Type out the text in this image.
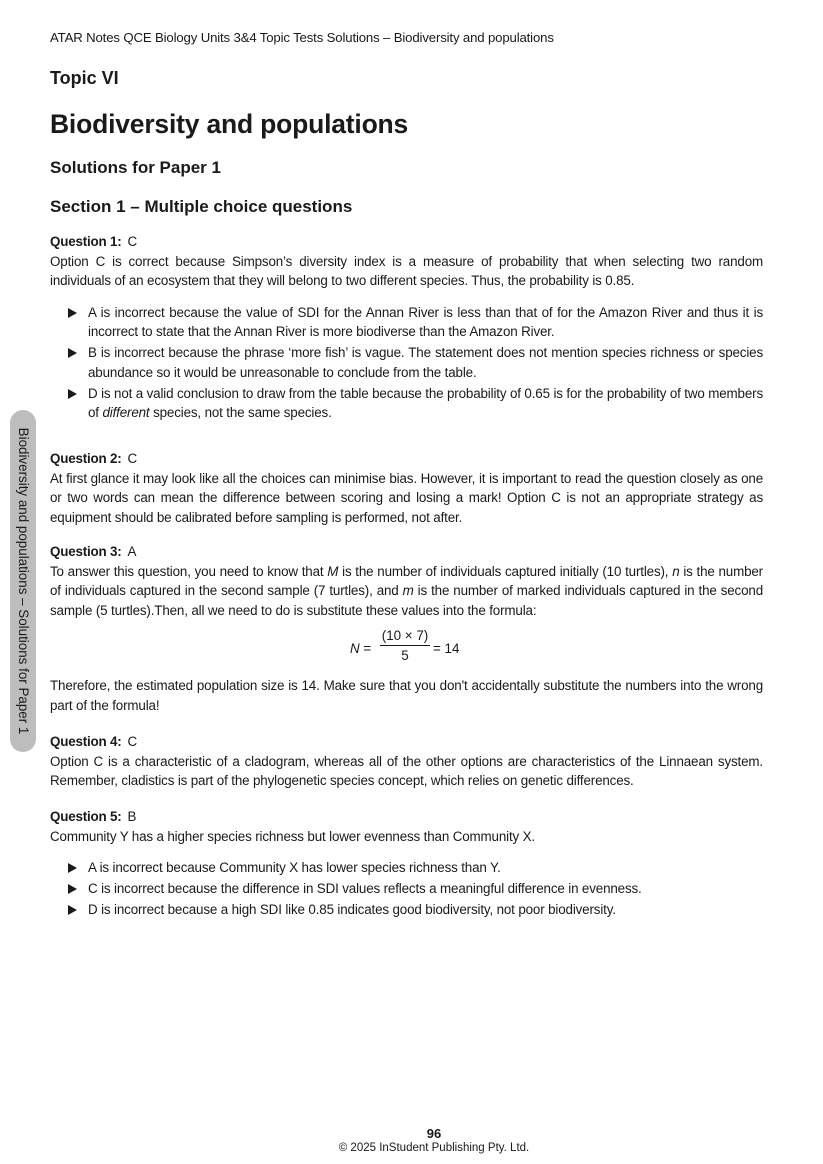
ATAR Notes QCE Biology Units 3&4 Topic Tests Solutions – Biodiversity and populations
Topic VI
Biodiversity and populations
Solutions for Paper 1
Section 1 – Multiple choice questions
Question 1: C
Option C is correct because Simpson’s diversity index is a measure of probability that when selecting two random individuals of an ecosystem that they will belong to two different species. Thus, the probability is 0.85.
A is incorrect because the value of SDI for the Annan River is less than that of for the Amazon River and thus it is incorrect to state that the Annan River is more biodiverse than the Amazon River.
B is incorrect because the phrase ‘more fish’ is vague. The statement does not mention species richness or species abundance so it would be unreasonable to conclude from the table.
D is not a valid conclusion to draw from the table because the probability of 0.65 is for the probability of two members of different species, not the same species.
Question 2: C
At first glance it may look like all the choices can minimise bias. However, it is important to read the question closely as one or two words can mean the difference between scoring and losing a mark! Option C is not an appropriate strategy as equipment should be calibrated before sampling is performed, not after.
Question 3: A
To answer this question, you need to know that M is the number of individuals captured initially (10 turtles), n is the number of individuals captured in the second sample (7 turtles), and m is the number of marked individuals captured in the second sample (5 turtles).Then, all we need to do is substitute these values into the formula:
$N = \frac{(10 \times 7)}{5} = 14$
Therefore, the estimated population size is 14. Make sure that you don't accidentally substitute the numbers into the wrong part of the formula!
Question 4: C
Option C is a characteristic of a cladogram, whereas all of the other options are characteristics of the Linnaean system. Remember, cladistics is part of the phylogenetic species concept, which relies on genetic differences.
Question 5: B
Community Y has a higher species richness but lower evenness than Community X.
A is incorrect because Community X has lower species richness than Y.
C is incorrect because the difference in SDI values reflects a meaningful difference in evenness.
D is incorrect because a high SDI like 0.85 indicates good biodiversity, not poor biodiversity.
Biodiversity and populations – Solutions for Paper 1
96
© 2025 InStudent Publishing Pty. Ltd.
